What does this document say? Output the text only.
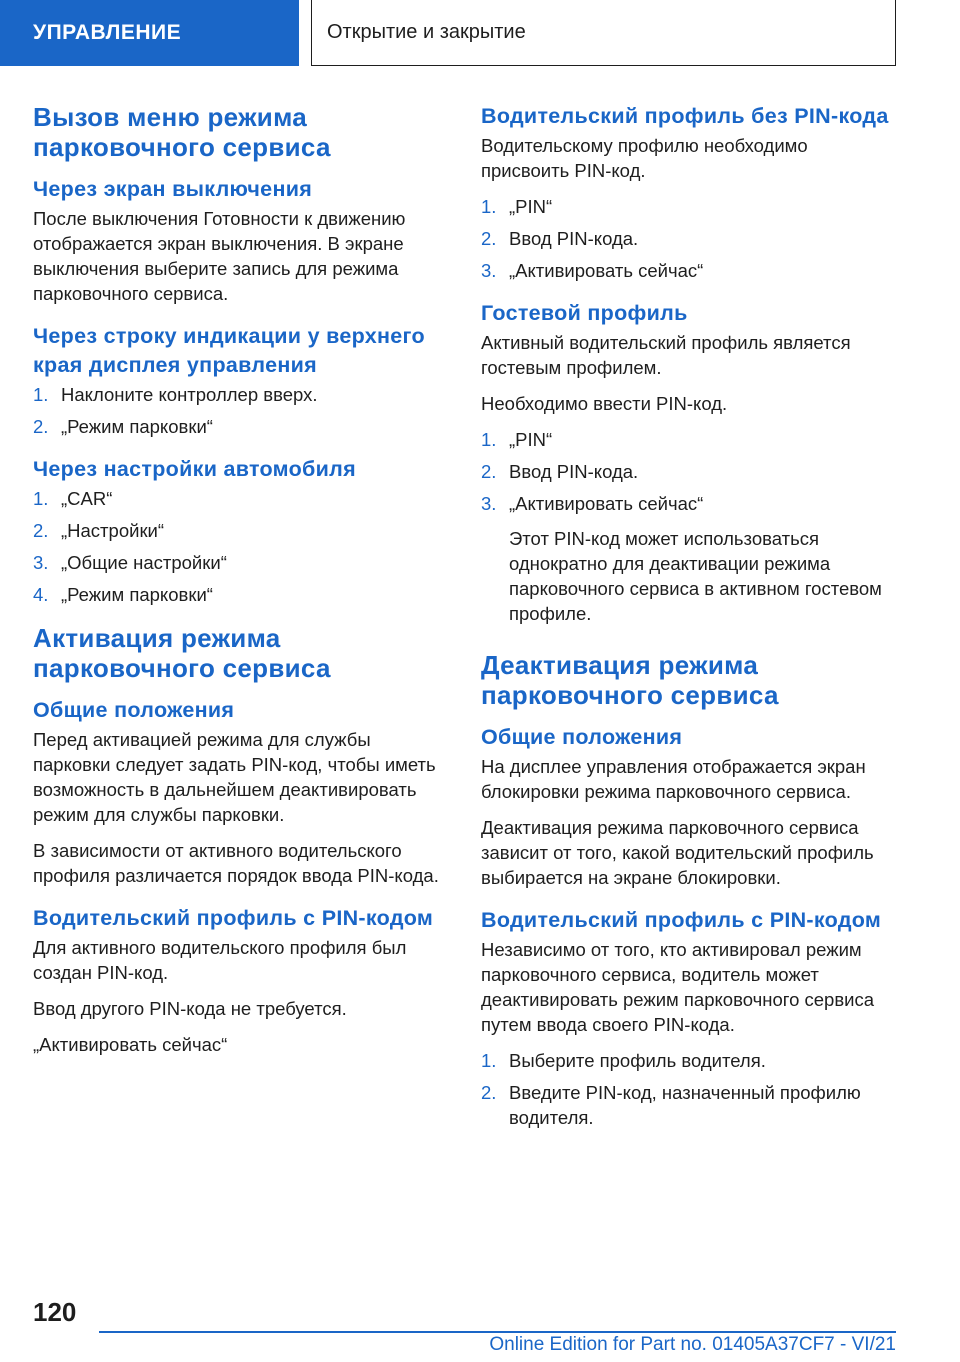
УПРАВЛЕНИЕ	Открытие и закрытие
Вызов меню режима парковочного сервиса
Через экран выключения
После выключения Готовности к движению отображается экран выключения. В экране выключения выберите запись для режима парковочного сервиса.
Через строку индикации у верхнего края дисплея управления
1. Наклоните контроллер вверх.
2. „Режим парковки“
Через настройки автомобиля
1. „CAR“
2. „Настройки“
3. „Общие настройки“
4. „Режим парковки“
Активация режима парковочного сервиса
Общие положения
Перед активацией режима для службы парковки следует задать PIN-код, чтобы иметь возможность в дальнейшем деактивировать режим для службы парковки.
В зависимости от активного водительского профиля различается порядок ввода PIN-кода.
Водительский профиль с PIN-кодом
Для активного водительского профиля был создан PIN-код.
Ввод другого PIN-кода не требуется.
„Активировать сейчас“
Водительский профиль без PIN-кода
Водительскому профилю необходимо присвоить PIN-код.
1. „PIN“
2. Ввод PIN-кода.
3. „Активировать сейчас“
Гостевой профиль
Активный водительский профиль является гостевым профилем.
Необходимо ввести PIN-код.
1. „PIN“
2. Ввод PIN-кода.
3. „Активировать сейчас“
Этот PIN-код может использоваться однократно для деактивации режима парковочного сервиса в активном гостевом профиле.
Деактивация режима парковочного сервиса
Общие положения
На дисплее управления отображается экран блокировки режима парковочного сервиса.
Деактивация режима парковочного сервиса зависит от того, какой водительский профиль выбирается на экране блокировки.
Водительский профиль с PIN-кодом
Независимо от того, кто активировал режим парковочного сервиса, водитель может деактивировать режим парковочного сервиса путем ввода своего PIN-кода.
1. Выберите профиль водителя.
2. Введите PIN-код, назначенный профилю водителя.
120
Online Edition for Part no. 01405A37CF7 - VI/21
